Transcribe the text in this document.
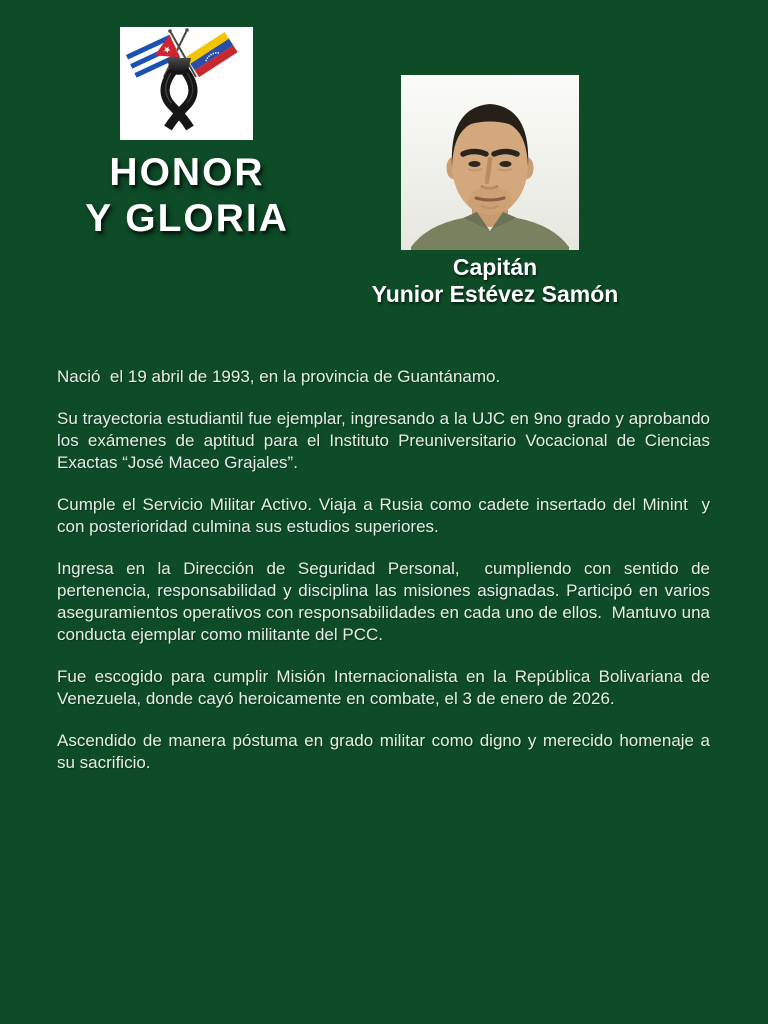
HONOR
Y GLORIA
Capitán
Yunior Estévez Samón

Nació  el 19 abril de 1993, en la provincia de Guantánamo.

Su trayectoria estudiantil fue ejemplar, ingresando a la UJC en 9no grado y aprobando los exámenes de aptitud para el Instituto Preuniversitario Vocacional de Ciencias Exactas “José Maceo Grajales”.

Cumple el Servicio Militar Activo. Viaja a Rusia como cadete insertado del Minint  y con posterioridad culmina sus estudios superiores.

Ingresa en la Dirección de Seguridad Personal,  cumpliendo con sentido de pertenencia, responsabilidad y disciplina las misiones asignadas. Participó en varios aseguramientos operativos con responsabilidades en cada uno de ellos.  Mantuvo una conducta ejemplar como militante del PCC.

Fue escogido para cumplir Misión Internacionalista en la República Bolivariana de Venezuela, donde cayó heroicamente en combate, el 3 de enero de 2026.

Ascendido de manera póstuma en grado militar como digno y merecido homenaje a su sacrificio.
